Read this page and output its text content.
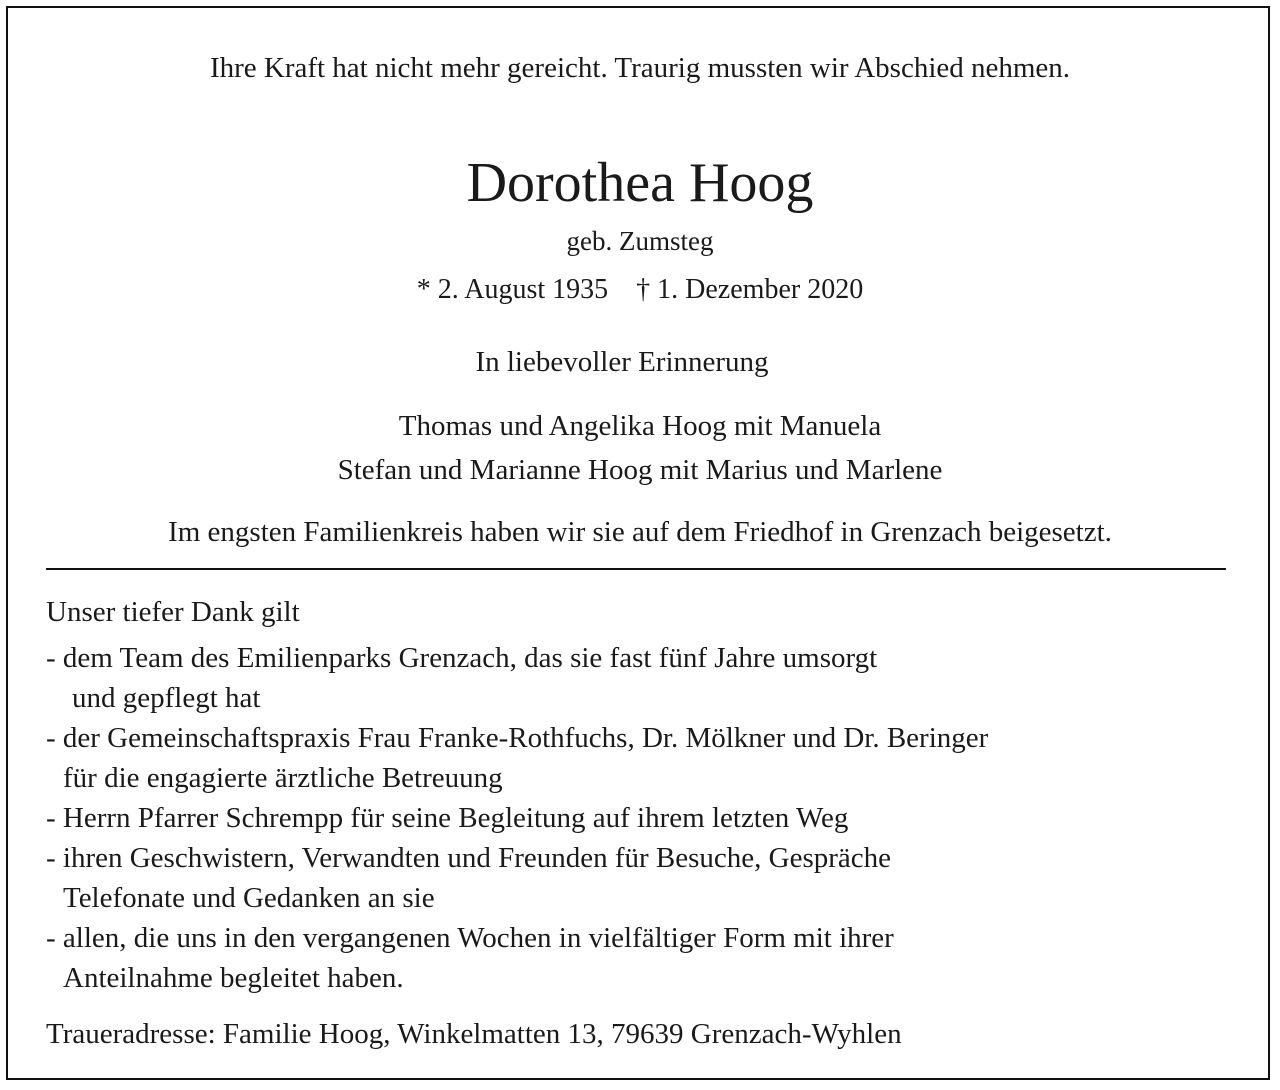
Ihre Kraft hat nicht mehr gereicht. Traurig mussten wir Abschied nehmen.
Dorothea Hoog
geb. Zumsteg
* 2. August 1935 † 1. Dezember 2020
In liebevoller Erinnerung
Thomas und Angelika Hoog mit Manuela
Stefan und Marianne Hoog mit Marius und Marlene
Im engsten Familienkreis haben wir sie auf dem Friedhof in Grenzach beigesetzt.
Unser tiefer Dank gilt
- dem Team des Emilienparks Grenzach, das sie fast fünf Jahre umsorgt
und gepflegt hat
- der Gemeinschaftspraxis Frau Franke-Rothfuchs, Dr. Mölkner und Dr. Beringer
für die engagierte ärztliche Betreuung
- Herrn Pfarrer Schrempp für seine Begleitung auf ihrem letzten Weg
- ihren Geschwistern, Verwandten und Freunden für Besuche, Gespräche
Telefonate und Gedanken an sie
- allen, die uns in den vergangenen Wochen in vielfältiger Form mit ihrer
Anteilnahme begleitet haben.
Traueradresse: Familie Hoog, Winkelmatten 13, 79639 Grenzach-Wyhlen
